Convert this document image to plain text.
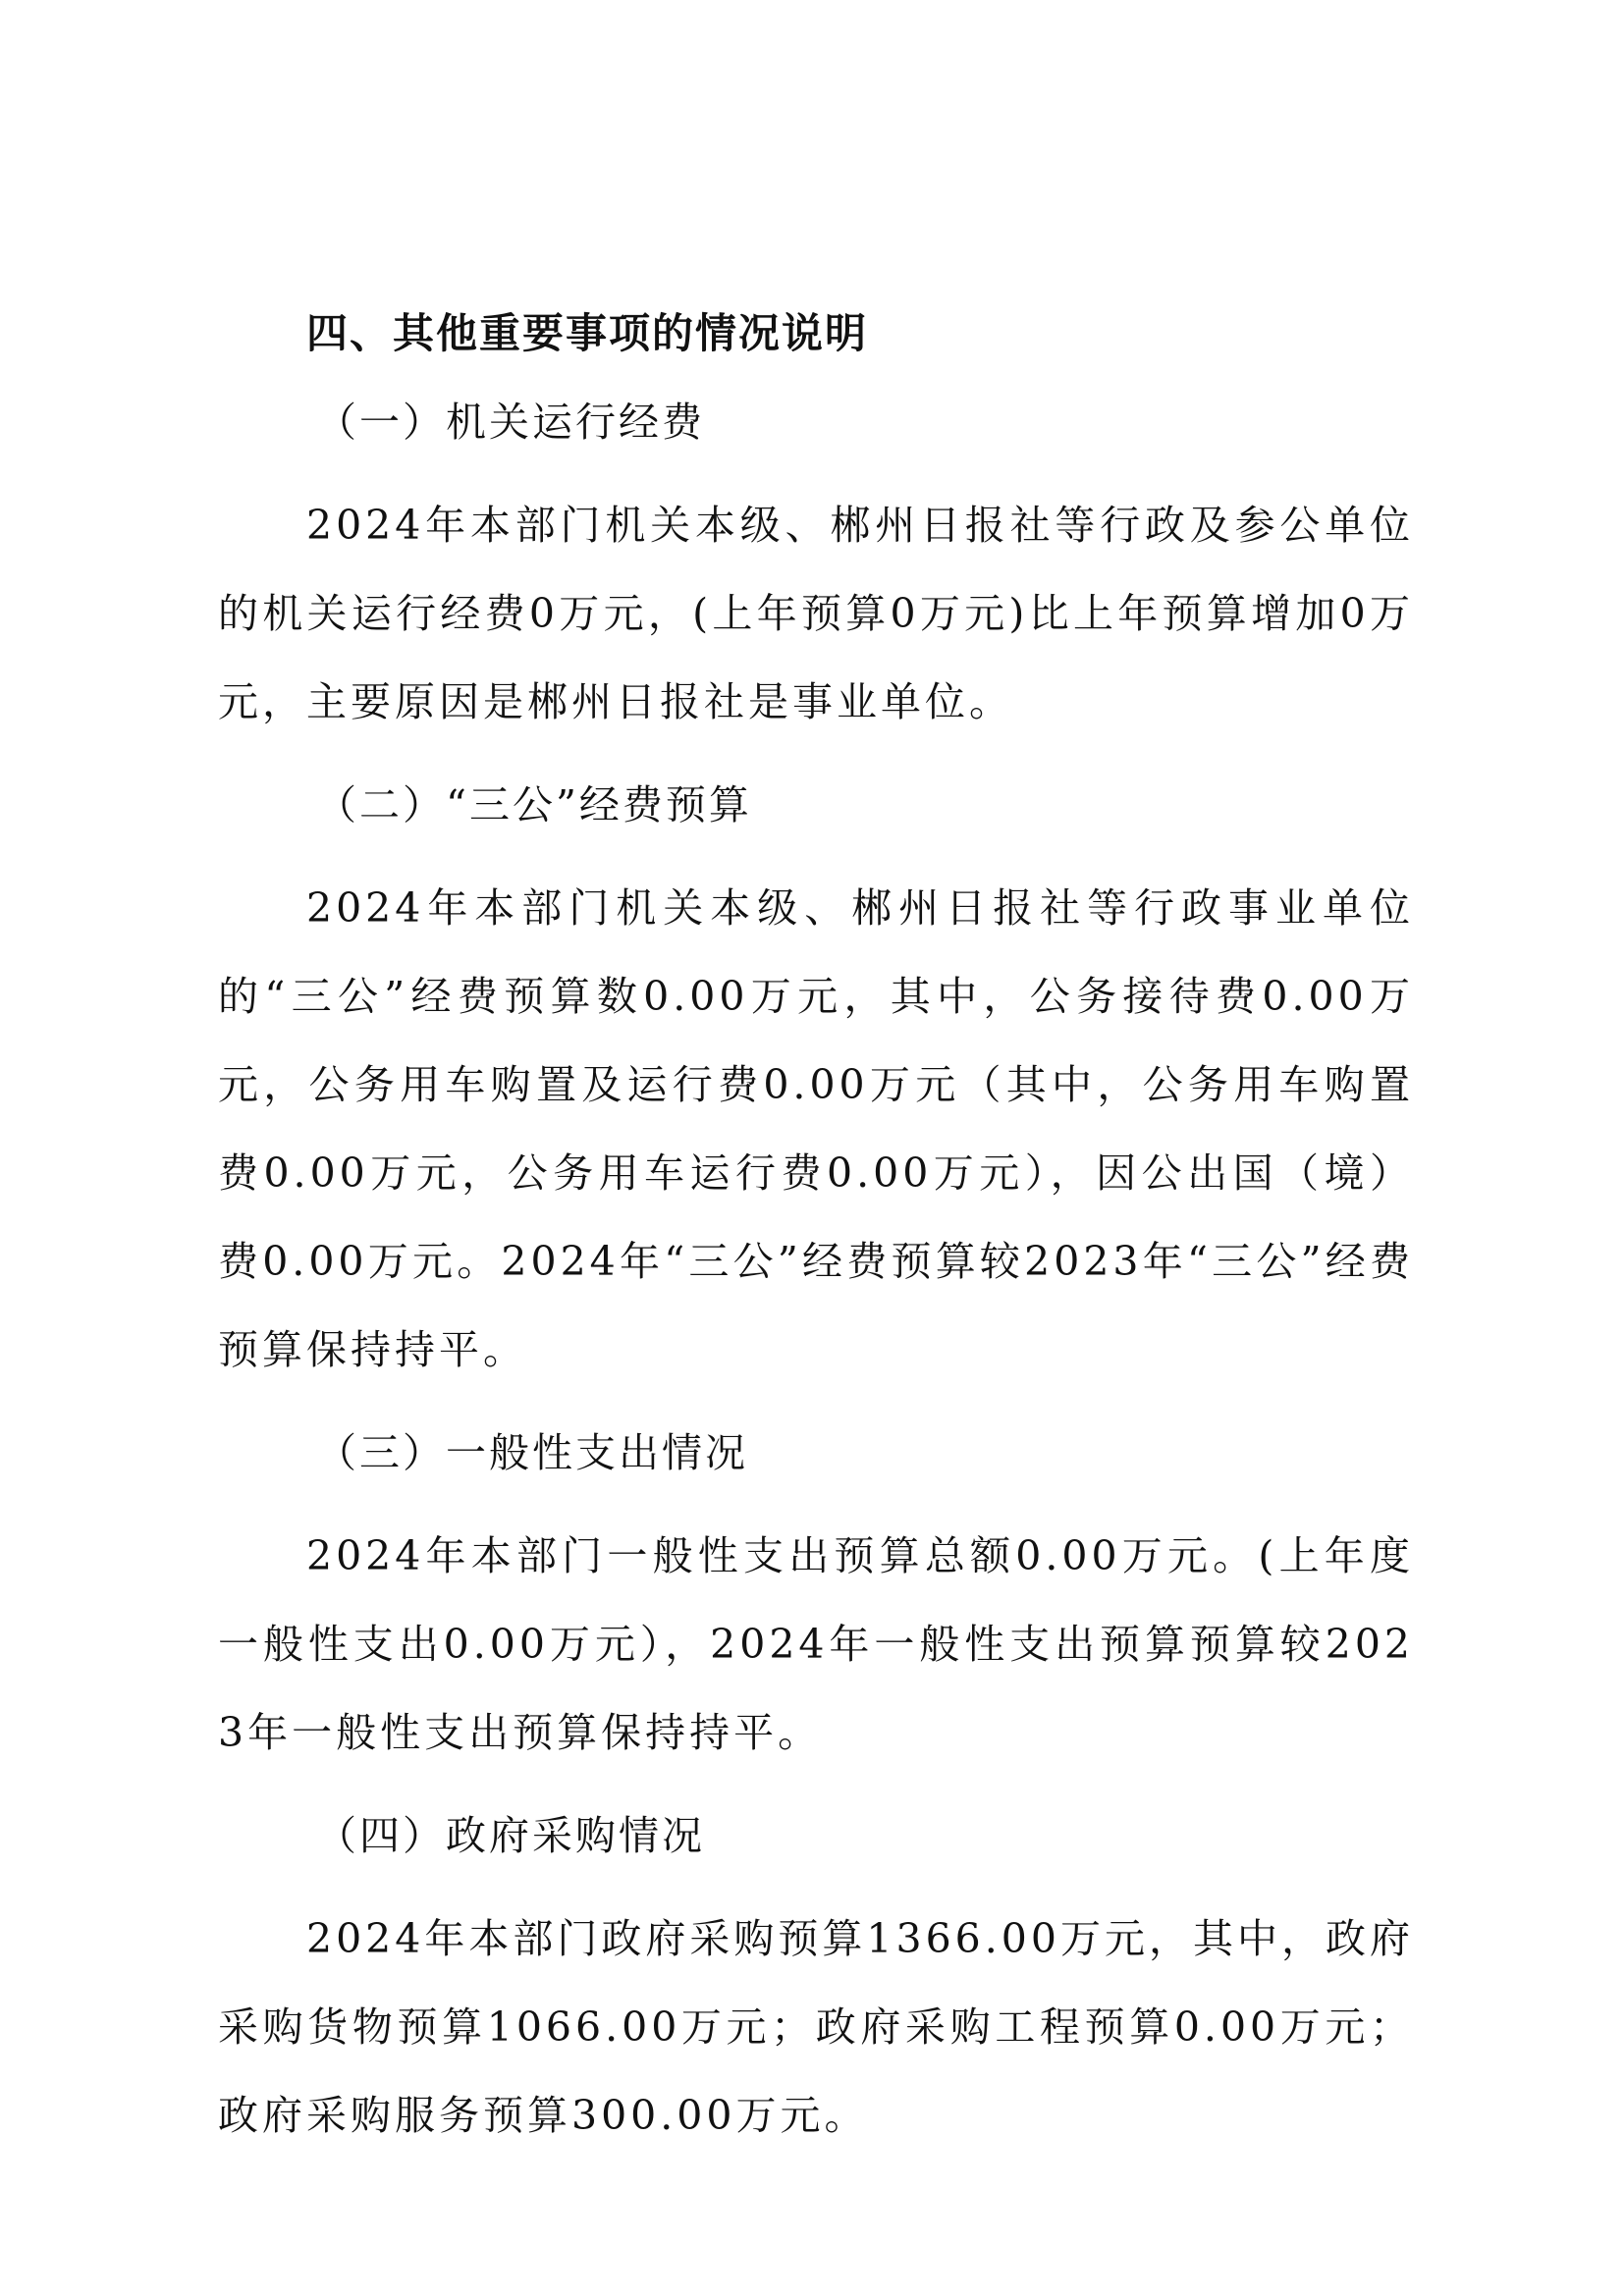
四、其他重要事项的情况说明
（一）机关运行经费
2024年本部门机关本级、郴州日报社等行政及参公单位的机关运行经费0万元，(上年预算0万元)比上年预算增加0万元，主要原因是郴州日报社是事业单位。
（二）“三公”经费预算
2024年本部门机关本级、郴州日报社等行政事业单位的“三公”经费预算数0.00万元，其中，公务接待费0.00万元，公务用车购置及运行费0.00万元（其中，公务用车购置费0.00万元，公务用车运行费0.00万元），因公出国（境）费0.00万元。2024年“三公”经费预算较2023年“三公”经费预算保持持平。
（三）一般性支出情况
2024年本部门一般性支出预算总额0.00万元。(上年度一般性支出0.00万元），2024年一般性支出预算预算较2023年一般性支出预算保持持平。
（四）政府采购情况
2024年本部门政府采购预算1366.00万元，其中，政府采购货物预算1066.00万元；政府采购工程预算0.00万元；政府采购服务预算300.00万元。
